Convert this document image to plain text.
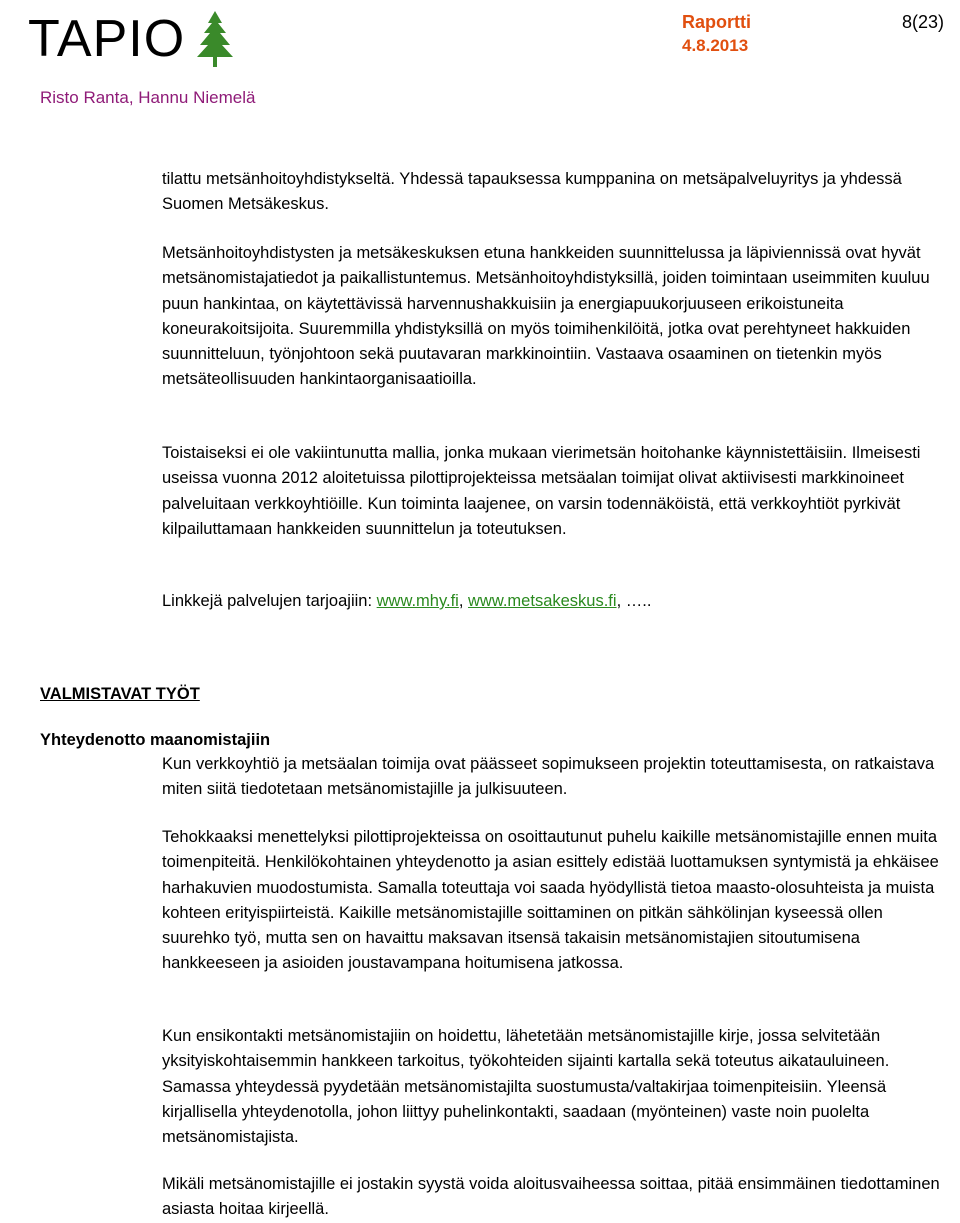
TAPIO	Raportti	8(23)
4.8.2013
Risto Ranta, Hannu Niemelä

tilattu metsänhoitoyhdistykseltä. Yhdessä tapauksessa kumppanina on metsäpalveluyritys ja yhdessä Suomen Metsäkeskus.

Metsänhoitoyhdistysten ja metsäkeskuksen etuna hankkeiden suunnittelussa ja läpiviennissä ovat hyvät metsänomistajatiedot ja paikallistuntemus. Metsänhoitoyhdistyksillä, joiden toimintaan useimmiten kuuluu puun hankintaa, on käytettävissä harvennushakkuisiin ja energiapuukorjuuseen erikoistuneita koneurakoitsijoita. Suuremmilla yhdistyksillä on myös toimihenkilöitä, jotka ovat perehtyneet hakkuiden suunnitteluun, työnjohtoon sekä puutavaran markkinointiin. Vastaava osaaminen on tietenkin myös metsäteollisuuden hankintaorganisaatioilla.

Toistaiseksi ei ole vakiintunutta mallia, jonka mukaan vierimetsän hoitohanke käynnistettäisiin. Ilmeisesti useissa vuonna 2012 aloitetuissa pilottiprojekteissa metsäalan toimijat olivat aktiivisesti markkinoineet palveluitaan verkkoyhtiöille. Kun toiminta laajenee, on varsin todennäköistä, että verkkoyhtiöt pyrkivät kilpailuttamaan hankkeiden suunnittelun ja toteutuksen.

Linkkejä palvelujen tarjoajiin: www.mhy.fi, www.metsakeskus.fi, …..

VALMISTAVAT TYÖT
Yhteydenotto maanomistajiin

Kun verkkoyhtiö ja metsäalan toimija ovat päässeet sopimukseen projektin toteuttamisesta, on ratkaistava miten siitä tiedotetaan metsänomistajille ja julkisuuteen.

Tehokkaaksi menettelyksi pilottiprojekteissa on osoittautunut puhelu kaikille metsänomistajille ennen muita toimenpiteitä. Henkilökohtainen yhteydenotto ja asian esittely edistää luottamuksen syntymistä ja ehkäisee harhakuvien muodostumista. Samalla toteuttaja voi saada hyödyllistä tietoa maasto-olosuhteista ja muista kohteen erityispiirteistä. Kaikille metsänomistajille soittaminen on pitkän sähkölinjan kyseessä ollen suurehko työ, mutta sen on havaittu maksavan itsensä takaisin metsänomistajien sitoutumisena hankkeeseen ja asioiden joustavampana hoitumisena jatkossa.

Kun ensikontakti metsänomistajiin on hoidettu, lähetetään metsänomistajille kirje, jossa selvitetään yksityiskohtaisemmin hankkeen tarkoitus, työkohteiden sijainti kartalla sekä toteutus aikatauluineen. Samassa yhteydessä pyydetään metsänomistajilta suostumusta/valtakirjaa toimenpiteisiin. Yleensä kirjallisella yhteydenotolla, johon liittyy puhelinkontakti, saadaan (myönteinen) vaste noin puolelta metsänomistajista.

Mikäli metsänomistajille ei jostakin syystä voida aloitusvaiheessa soittaa, pitää ensimmäinen tiedottaminen asiasta hoitaa kirjeellä.
